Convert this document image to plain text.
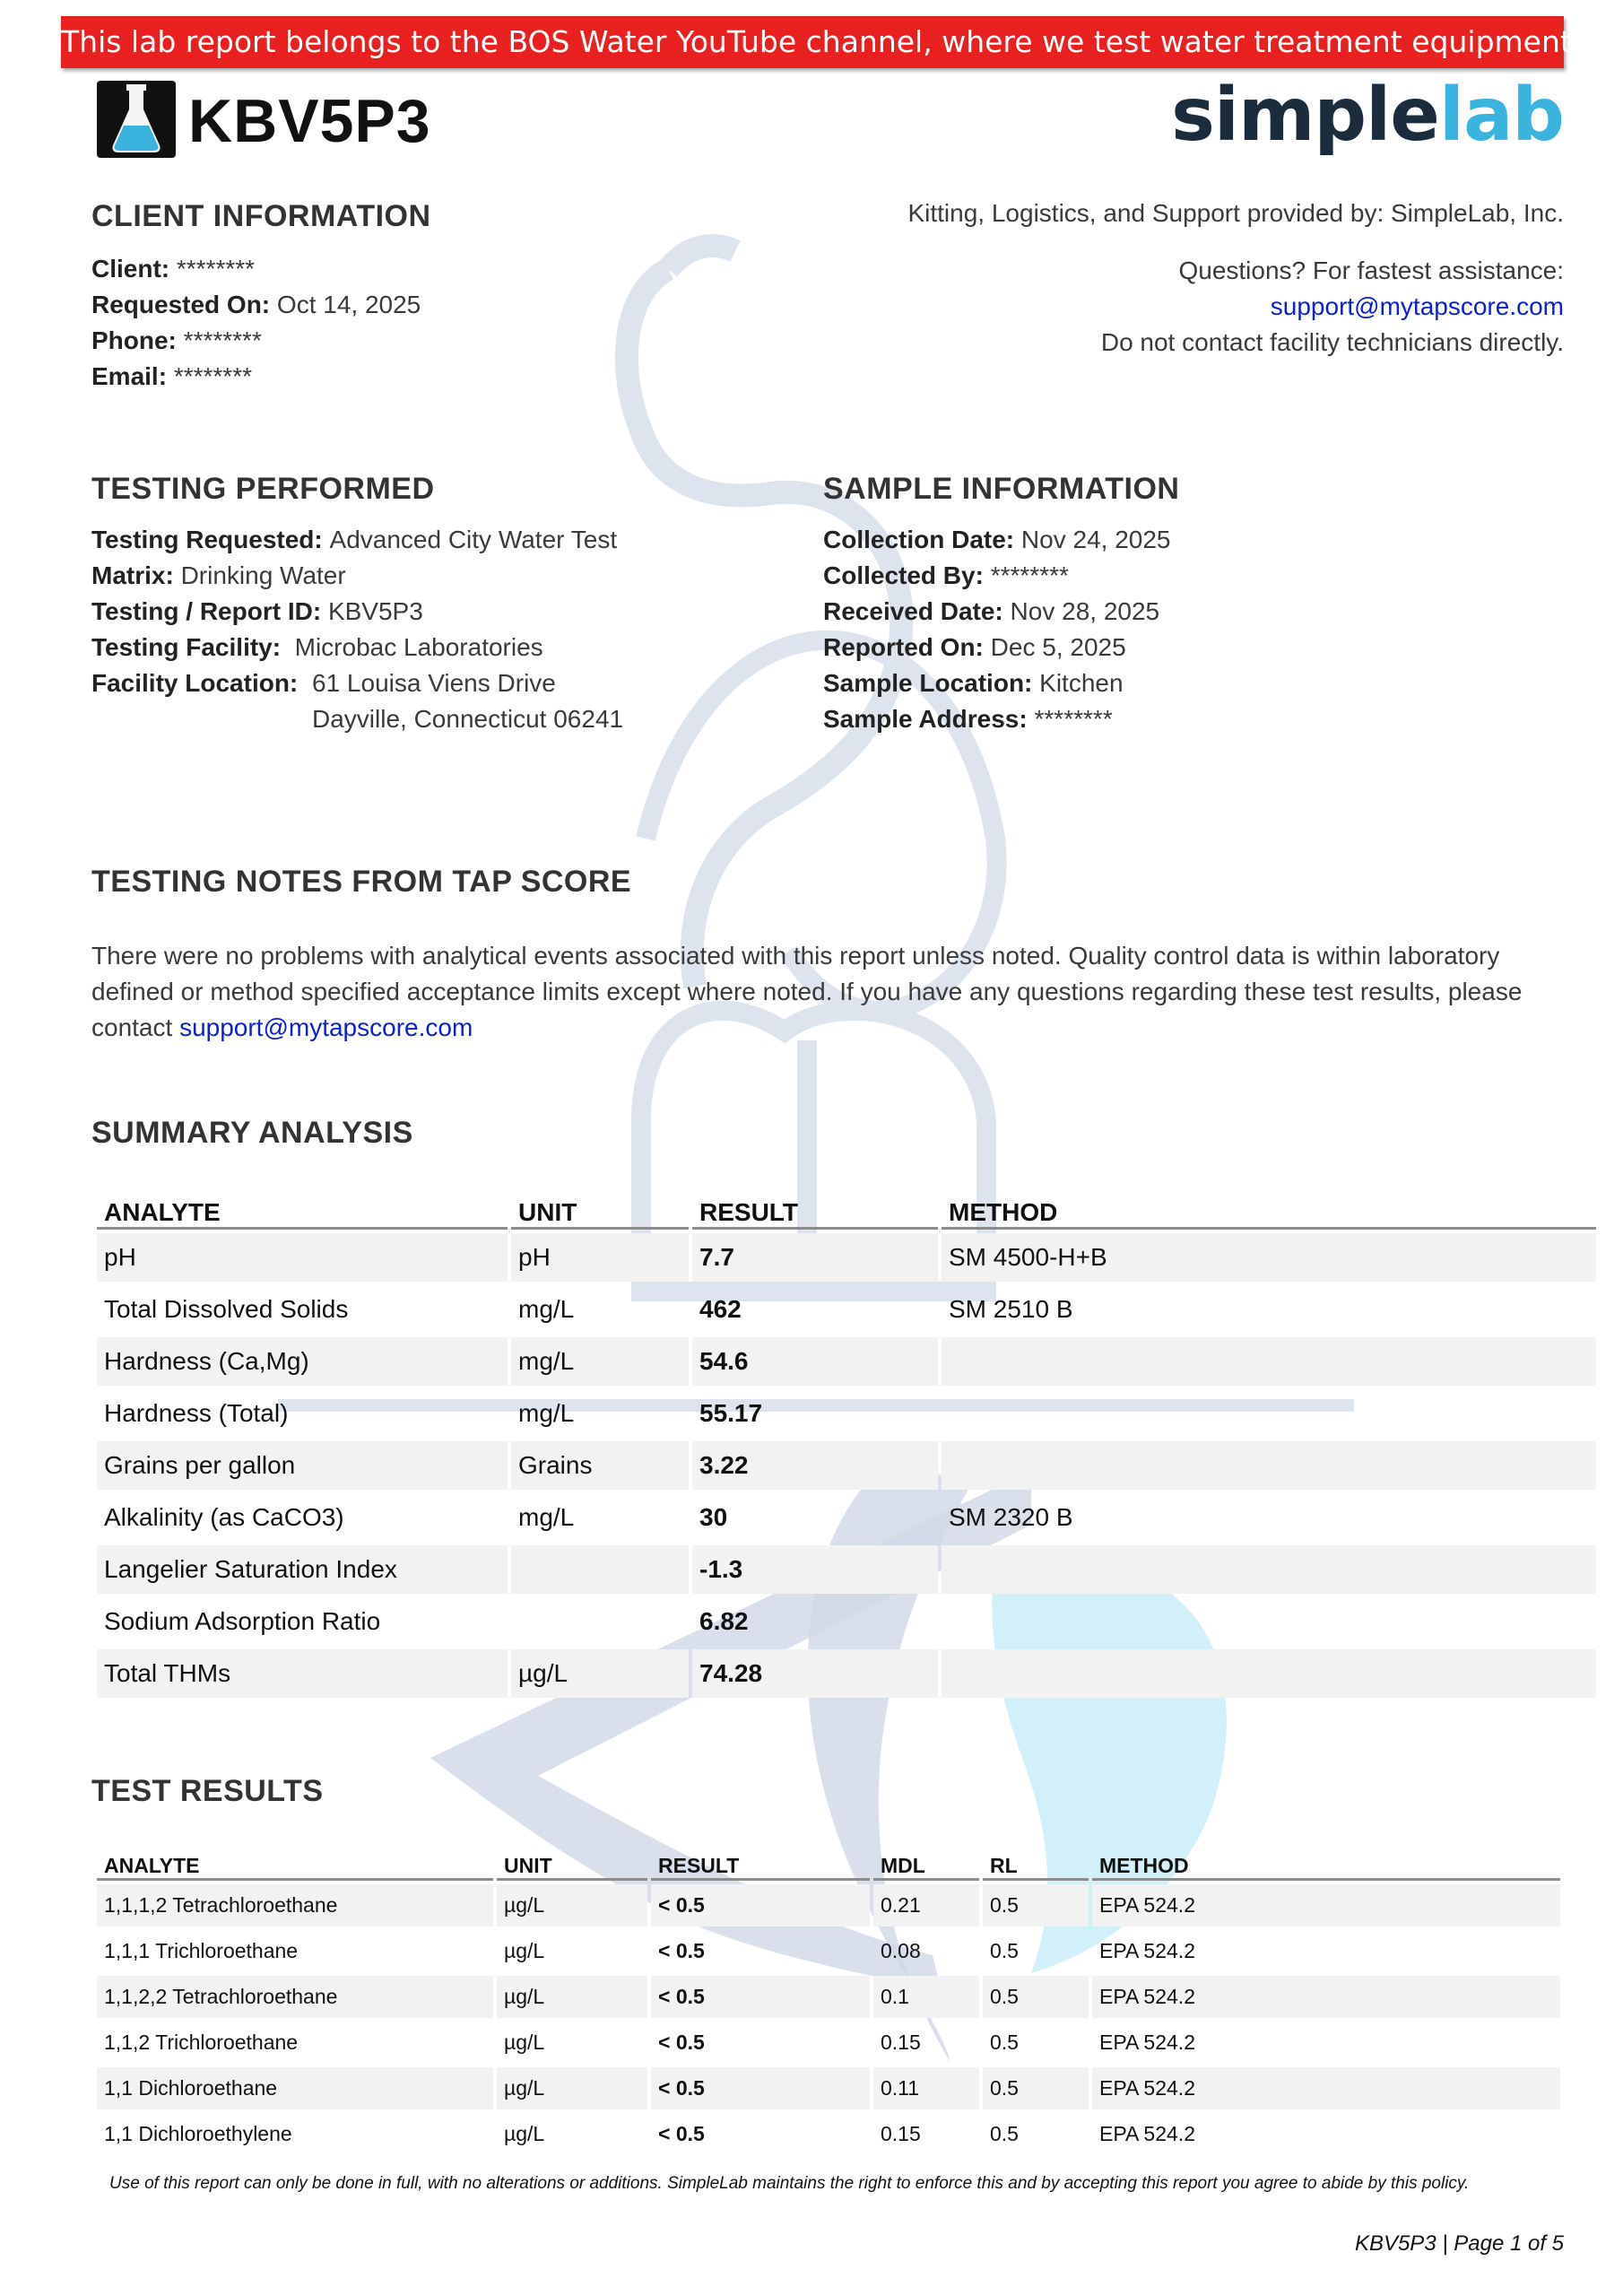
This lab report belongs to the BOS Water YouTube channel, where we test water treatment equipment.
KBV5P3	simplelab
CLIENT INFORMATION
Client: ********
Requested On: Oct 14, 2025
Phone: ********
Email: ********
Kitting, Logistics, and Support provided by: SimpleLab, Inc.
Questions? For fastest assistance:
support@mytapscore.com
Do not contact facility technicians directly.
TESTING PERFORMED
Testing Requested: Advanced City Water Test
Matrix: Drinking Water
Testing / Report ID: KBV5P3
Testing Facility: Microbac Laboratories
Facility Location: 61 Louisa Viens Drive
Dayville, Connecticut 06241
SAMPLE INFORMATION
Collection Date: Nov 24, 2025
Collected By: ********
Received Date: Nov 28, 2025
Reported On: Dec 5, 2025
Sample Location: Kitchen
Sample Address: ********
TESTING NOTES FROM TAP SCORE
There were no problems with analytical events associated with this report unless noted. Quality control data is within laboratory
defined or method specified acceptance limits except where noted. If you have any questions regarding these test results, please
contact support@mytapscore.com
SUMMARY ANALYSIS
ANALYTE	UNIT	RESULT	METHOD
pH	pH	7.7	SM 4500-H+B
Total Dissolved Solids	mg/L	462	SM 2510 B
Hardness (Ca,Mg)	mg/L	54.6	
Hardness (Total)	mg/L	55.17	
Grains per gallon	Grains	3.22	
Alkalinity (as CaCO3)	mg/L	30	SM 2320 B
Langelier Saturation Index		-1.3	
Sodium Adsorption Ratio		6.82	
Total THMs	µg/L	74.28	
TEST RESULTS
ANALYTE	UNIT	RESULT	MDL	RL	METHOD
1,1,1,2 Tetrachloroethane	µg/L	< 0.5	0.21	0.5	EPA 524.2
1,1,1 Trichloroethane	µg/L	< 0.5	0.08	0.5	EPA 524.2
1,1,2,2 Tetrachloroethane	µg/L	< 0.5	0.1	0.5	EPA 524.2
1,1,2 Trichloroethane	µg/L	< 0.5	0.15	0.5	EPA 524.2
1,1 Dichloroethane	µg/L	< 0.5	0.11	0.5	EPA 524.2
1,1 Dichloroethylene	µg/L	< 0.5	0.15	0.5	EPA 524.2
Use of this report can only be done in full, with no alterations or additions. SimpleLab maintains the right to enforce this and by accepting this report you agree to abide by this policy.
KBV5P3 | Page 1 of 5
